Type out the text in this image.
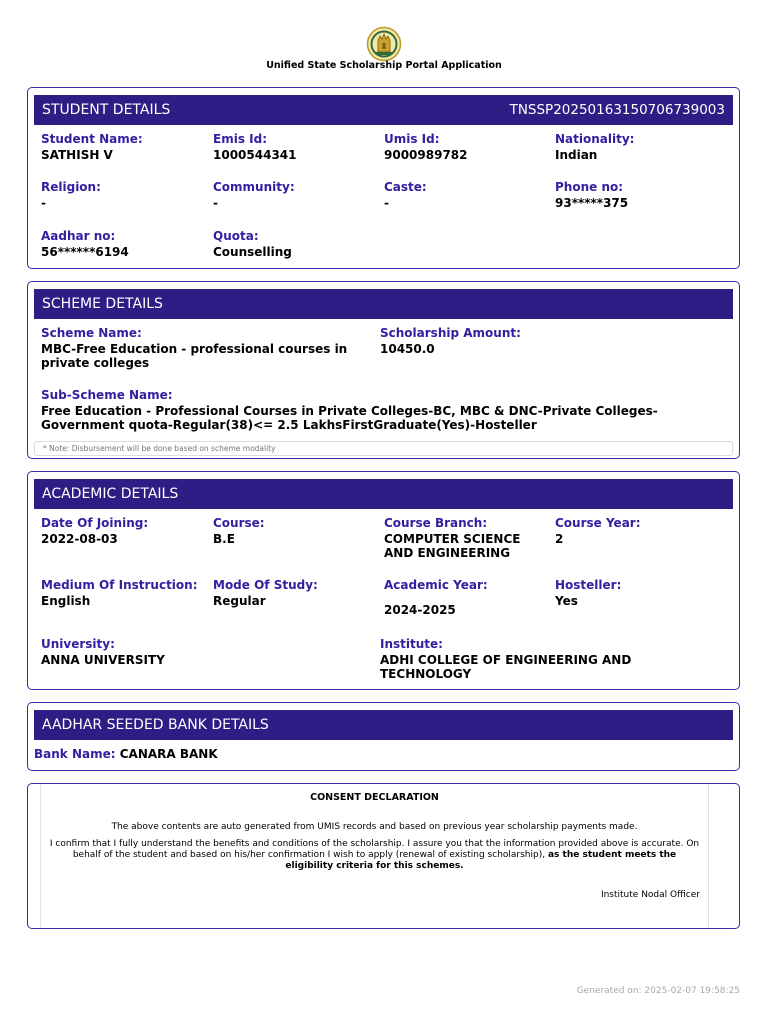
Unified State Scholarship Portal Application
STUDENT DETAILS	TNSSP20250163150706739003
Student Name:
SATHISH V
Emis Id:
1000544341
Umis Id:
9000989782
Nationality:
Indian
Religion:
-
Community:
-
Caste:
-
Phone no:
93*****375
Aadhar no:
56******6194
Quota:
Counselling
SCHEME DETAILS
Scheme Name:
MBC-Free Education - professional courses in private colleges
Scholarship Amount:
10450.0
Sub-Scheme Name:
Free Education - Professional Courses in Private Colleges-BC, MBC & DNC-Private Colleges-Government quota-Regular(38)<= 2.5 LakhsFirstGraduate(Yes)-Hosteller
* Note: Disbursement will be done based on scheme modality
ACADEMIC DETAILS
Date Of Joining:
2022-08-03
Course:
B.E
Course Branch:
COMPUTER SCIENCE AND ENGINEERING
Course Year:
2
Medium Of Instruction:
English
Mode Of Study:
Regular
Academic Year:
2024-2025
Hosteller:
Yes
University:
ANNA UNIVERSITY
Institute:
ADHI COLLEGE OF ENGINEERING AND TECHNOLOGY
AADHAR SEEDED BANK DETAILS
Bank Name: CANARA BANK
CONSENT DECLARATION
The above contents are auto generated from UMIS records and based on previous year scholarship payments made.
I confirm that I fully understand the benefits and conditions of the scholarship. I assure you that the information provided above is accurate. On behalf of the student and based on his/her confirmation I wish to apply (renewal of existing scholarship), as the student meets the eligibility criteria for this schemes.
Institute Nodal Officer
Generated on: 2025-02-07 19:58:25
